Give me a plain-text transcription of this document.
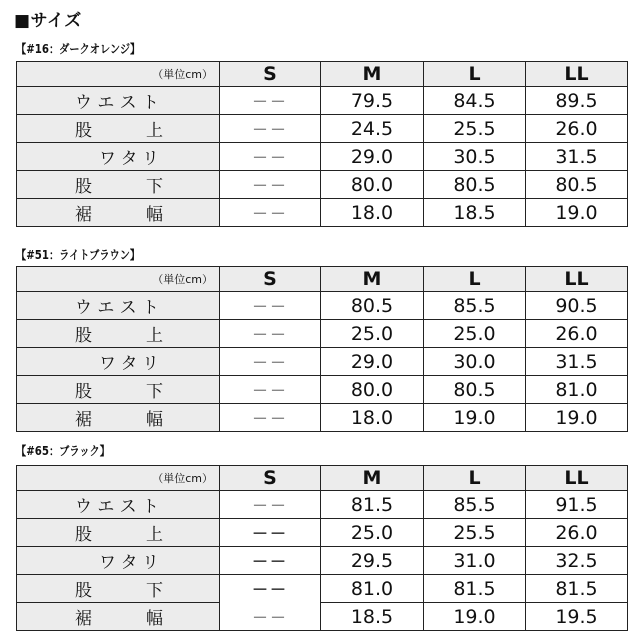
■サイズ
【#16：ダークオレンジ】
（単位cm）	S	M	L	LL

ウ エ ス ト	－－	79.5	84.5	89.5

股 上	－－	24.5	25.5	26.0

ワ タ リ	－－	29.0	30.5	31.5

股 下	－－	80.0	80.5	80.5

裾 幅	－－	18.0	18.5	19.0
【#51：ライトブラウン】
（単位cm）	S	M	L	LL

ウ エ ス ト	－－	80.5	85.5	90.5

股 上	－－	25.0	25.0	26.0

ワ タ リ	－－	29.0	30.0	31.5

股 下	－－	80.0	80.5	81.0

裾 幅	－－	18.0	19.0	19.0
【#65：ブラック】
（単位cm）	S	M	L	LL

ウ エ ス ト	－－	81.5	85.5	91.5

股 上	－－	25.0	25.5	26.0

ワ タ リ	－－	29.5	31.0	32.5

股 下	－－	81.0	81.5	81.5

裾 幅	－－	18.5	19.0	19.5
